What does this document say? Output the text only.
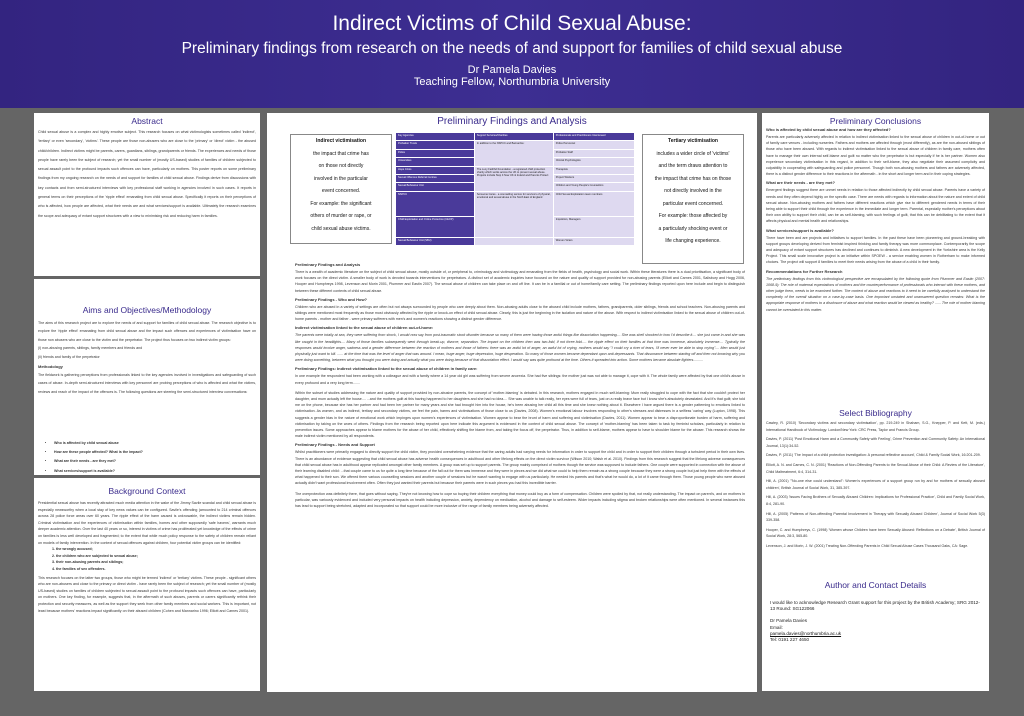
Indirect Victims of Child Sexual Abuse:
Preliminary findings from research on the needs of and support for families of child sexual abuse
Dr Pamela Davies
Teaching Fellow, Northumbria University
Abstract
Child sexual abuse is a complex and highly emotive subject. This research focuses on what victimologists sometimes called 'indirect', 'tertiary' or even 'secondary', 'victims'. These people are those non-abusers who are close to the 'primary' or 'direct' victim - the abused child/children. Indirect victims might be parents, carers, guardians, siblings, grandparents or friends. The experiences and needs of those people have rarely been the subject of research; yet the small number of (mostly US-based) studies of families of children subjected to sexual assault point to the profound impacts such offences can have, particularly on mothers. This poster reports on some preliminary findings from my ongoing research on the needs of and support for families of child sexual abuse. Findings derive from discussions with key contacts and from semi-structured interviews with key professional staff working in agencies involved in such cases. It reports in general terms on their perceptions of the 'ripple effect' emanating from child sexual abuse. Specifically it reports on their perceptions of who is affected, how people are affected, what their needs are and what services/support is available. Ultimately the research examines the scope and adequacy of extant support structures with a view to minimising risk and reducing harm in families.
Aims and Objectives/Methodology
The aims of this research project are to explore the needs of and support for families of child sexual abuse. The research objective is to explore the 'ripple effect' emanating from child sexual abuse and the impact such offences and experiences of victimisation have on those non abusers who are close to the victim and the perpetrator. The project thus focuses on two indirect victim groups:
(i) non-abusing parents, siblings, family members and friends and
(ii) friends and family of the perpetrator
Methodology
The fieldwork is gathering perceptions from professionals linked to the key agencies involved in investigations and safeguarding of such cases of abuse. In-depth semi-structured interviews with key personnel are probing perceptions of who is affected and what the victims, reviews and reach of the impact of the offences is. The following questions are steering the semi-structured interview conversations:
• Who is affected by child sexual abuse
• How are these people affected? What is the impact?
• What are their needs - are they met?
• What services/support is available?
Background Context
Presidential sexual abuse has recently attracted much media attention in the wake of the Jimmy Savile scandal and child sexual abuse is especially newsworthy when a local stay of key news values can be configured. Savile's offending (amounted to 214 criminal offences across 28 police force areas over 60 years. The ripple effect of the harm caused is unknowable, the indirect victims remain hidden. Criminal victimisation and the experiences of victimisation within families, homes and other supposedly 'safe havens', warrants much deeper academic attention. Over the last 40 years or so, interest in victims of crime has proliferated yet knowledge of the effects of crime on families is less well developed and fragmented; to the extent that while much policy response to the safety of children remain reliant on models of family intervention. In the context of sexual offences against children, four potential victim groups can be identified:
1. the wrongly accused;
2. the children who are subjected to sexual abuse;
3. their non-abusing parents and siblings;
4. the families of sex offenders.
This research focuses on the latter two groups, those who might be termed 'indirect' or 'tertiary' victims. These people - significant others who are non-abusers and close to the primary or direct victim - have rarely been the subject of research; yet the small number of (mostly US-based) studies on families of children subjected to sexual assault point to the profound impacts such offences can have, particularly on mothers. One key finding, for example, suggests that, in the aftermath of such abuses, parents or carers significantly rethink their protection and security measures, as well as the support they seek from other family members and social workers. This is important, not least because mothers' reactions impact significantly on their abused children (Cohen and Mannarino 1996; Elliott and Carnes 2001).
Preliminary Findings and Analysis
Indirect victimisation
the impact that crime has
on those not directly
involved in the particular
event concerned.
For example: the significant
others of murder or rape, or
child sexual abuse victims.
Key Agencies	Support Services/Charities	Professionals and Practitioners Interviewed
Probation Trusts	In addition to the NSPCC and Barnardos:	Police Personnel
Police		Probation Staff
Universities		Clinical Psychologists
Hope Crisis	The Lucy Faithfull Foundation - a registered child protection charity which works across the UK to prevent sexual abuse. Projects include Stop It Now UK & Ireland and Parents Protect	Therapists
Sexual Offences Referral Centres		Project Workers
Sexual Behaviour Unit		Children and Young People's Counsellors
NSPCC	Someone Cares - a counselling service for survivors of physical, emotional and sexual abuse in the North East of England	Child Sexual Exploitation team members
Child Exploitation and Online Protection (CEOP)		Inquisitors, Managers
Sexual Behaviour Unit (SBU)		Women Vicars
Tertiary victimisation
includes a wider circle of 'victims'
and the term draws attention to
the impact that crime has on those
not directly involved in the
particular event concerned.
For example: those affected by
a particularly shocking event or
life changing experience.
Preliminary Findings and Analysis
There is a wealth of academic literature on the subject of child sexual abuse, mostly outside of, or peripheral to, criminology and victimology and emanating from the fields of health, psychology and social work. Within these literatures there is a dual prioritisation, a significant body of work focuses on the direct victim. A smaller body of work is devoted towards interventions for perpetrators. A distinct set of academic inquiries have focused on the nature and quality of support provided for non-abusing parents (Elliott and Carnes 2001, Salisbury and Hogg 2006, Hooper and Humphreys 1998, Levenson and Morin 2001, Plummer and Eastin 2007). The sexual abuse of children can take place on and off line. It can be in a familial or out of home/family care setting. The preliminary findings reported upon here include and begin to distinguish between these different contexts of child sexual abuse.
Preliminary Findings - Who and How?
Children who are abused in a variety of settings are often but not always surrounded by people who care deeply about them. Non-abusing adults close to the abused child include mothers, fathers, grandparents, older siblings, friends and school teachers. Non-abusing parents and siblings were mentioned most frequently as those most obviously affected by the ripple or knock-on effect of child sexual abuse. Clearly, this is just the beginning in the isolation and nature of the abuse. With respect to indirect victimisation linked to the sexual abuse of children out-of-home parents - mother and father - were primary sufferers with men's and women's reactions showing a distinct gender difference.
Indirect victimisation linked to the sexual abuse of children out-of-home:
The parents were totally at sea, they were suffering from shock, I would now say from post-traumatic stock disorder because so many of them were having those awful things like dissociation happening.... She was shell shocked in how I'd describe it.... she just came in and she was like caught in the headlights.... Many of those families subsequently went through break-up, divorce, separation. The impact on the children then was two-fold, if not three-fold..... the ripple effect on their families at that time was immense, absolutely immense.... Typically the responses would involve anger, sadness and a gender difference between the reaction of mothers and those of fathers: there was an awful lot of anger, an awful lot of crying, mothers would say "I could cry a river of tears, I'll never ever be able to stop crying".... Men would just physically just want to kill. ...... at the time that was the level of anger that was around. I mean, huge anger, huge depression, huge desperation. So many of those women became dependant upon anti-depressants. That dissonance between starting off and then not knowing why you were doing something, between what you thought you were doing and actually what you were doing because of that dissociation effect. I would say was quite profound at the time. Others it spreaded into action. Some mothers became absolute fighters..........
Preliminary Findings: Indirect victimisation linked to the sexual abuse of children in family care:
In one example the respondent had been working with a colleague and with a family where a 14 year old girl was suffering from severe anorexia. She had five siblings: the mother just was not able to manage it, cope with it. The whole family were affected by that one child's abuse in every profound and a very long term.......
Within the subset of studies addressing the nature and quality of support provided by non-abusive parents, the concept of 'mother-blaming' is debated. In this research, mothers engaged in much self-blaming: Mum really struggled to cope with the fact that she couldn't protect her daughter, and mum actually left the house.... ...and the mothers guilt at this having happened to her daughters and she had no idea.... She was unable to talk really, her eyes were full of tears, just on a really brave face but I know she's absolutely devastated. And it's that guilt; she told me on the phone, because she has her partner and had been her partner for many years and she had brought him into the house, he's been abusing her child all this time and she knew nothing about it. Elsewhere I have argued there is a gender patterning to emotions linked to victimisation. As women, and as indirect, tertiary and secondary victims, we feel the pain, harms and victimisations of those close to us (Davies, 2008). Women's emotional labour involves responding to other's stresses and distresses in a selfless 'caring' way (Lupton, 1998). This suggests a gender bias in the nature of emotional work which impinges upon women's experiences of victimisation. Women appear to bear the brunt of harm and suffering and victimisation (Davies, 2011). Women appear to bear a disproportionate burden of harm, suffering and victimisation by taking on the woes of others. Findings from the research being reported upon here indicate this argument is evidenced in the context of child sexual abuse. The concept of 'mother-blaming' has been taken to task by feminist scholars, particularly in relation to prevention issues. Some approaches appear to blame mothers for the abuse of her child, effectively shifting the blame from, and taking the focus off, the perpetrator. Thus, in addition to self-blame, mothers appear to have to shoulder blame for the abuser. This research shows the male indirect victim mentioned by all respondents.
Preliminary Findings - Needs and Support
Whilst practitioners were primarily engaged to directly support the child victim, they provided overwhelming evidence that the caring adults had varying needs for information in order to support the child and in order to support their children through a turbulent period in their own lives. There is an abundance of evidence suggesting that child sexual abuse has adverse health consequences in adulthood and other lifelong effects on the direct victim survivor (Wilson 2010; Walsh et al. 2010). Findings from this research suggest that the lifelong adverse consequences that child sexual abuse has in adulthood appear replicated amongst other family members. A group was set up to support parents. The group mainly comprised of mothers though the service was supposed to include fathers. One couple were supported in connection with the abuse of their learning disabled child: ...that couple came to us for quite a long time because of the fall out for them was immense and they were in pieces and we did what we could to help them remain as a strong couple because they were a strong couple but just help them with the effects of what happened to their son. We offered them various counselling sessions and another couple of sessions but he wasn't wanting to engage with us particularly. He needed his parents and that's what he would do, a lot of it came through them. Those young people who were abused actually didn't want professional involvement often. Often they just wanted their parents but because their parents were in such pieces you had this incredible barrier.
The overprotection was definitely there, that goes without saying. They're not knowing how to cope so buying their children everything that money could buy as a form of compensation. Children were spoiled by that, not really understanding. The impact on parent's, and on mothers in particular, was variously evidenced and included very personal impacts on health including depression, anxiety, dependency on medication, alcohol and damage to self-esteem. Wider impacts including stigma and broken relationships were often mentioned. In several instances this has lead to support being stretched, adapted and incorporated so that support could be more inclusive of the range of family members being adversely affected.
Preliminary Conclusions
Who is affected by child sexual abuse and how are they affected?
Parents are particularly adversely affected in relation to indirect victimisation linked to the sexual abuse of children in out-of-home or out of family care venues - including nurseries. Fathers and mothers are affected through (most differently), as are the non-abused siblings of those who have been abused. With regards to indirect victimisation linked to the sexual abuse of children in family care, mothers often have to manage their own internal self-blame and guilt no matter who the perpetrator is but especially if he is her partner. Women also experience secondary victimisation in this regard, in addition to their self-blame, they also negotiate their assumed complicity and culpability in cooperating with safeguarding and police personnel. Though both non-abusing mothers and fathers are adversely affected, there is a distinct gender difference to their reactions in the aftermath - in the short and longer term and in their coping strategies.
What are their needs - are they met?
Emergent findings suggest there are unmet needs in relation to those affected indirectly by child sexual abuse. Parents have a variety of needs and they often depend highly on the specific case. There are needs with regards to information about the nature and extent of child sexual abuse. Non-abusing mothers and fathers have different reactions which give rise to different gendered needs in terms of their being able to support their child through the experience in the immediate and longer term. Parental, especially mother's perceptions about their own ability to support their child, can be as self-blaming, with such feelings of guilt, that this can be debilitating to the extent that it affects physical and mental health and relationships.
What services/support is available?
There have been and are projects and initiatives to support families. In the past these have been pioneering and ground-breaking with support groups developing derived from feminist inspired thinking and family therapy was more commonplace. Contemporarily the scope and adequacy of extant support structures has declined and continues to diminish. A new development in the Yorkshire area is the Kelly Project. This small scale innovative project is an initiative within SPOEW - a service enabling women in Rotherham to make informed choices. The project will support 8 families to meet their needs arising from the abuse of a child in their family.
Recommendations for Further Research
The preliminary findings from this victimological perspective are encapsulated by the following quote from Plummer and Eastin (2007: 1068-9): The role of maternal expectations of mothers and the counterperformance of professionals who interact with these mothers, and other judge them, needs to be examined further. The context of abuse and reactions to it need to be carefully analysed to understand the complexity of the overall situation on a case-by-case basis. One important unstated and unanswered question remains: What is the appropriate response of mothers to a disclosure of abuse and what reaction would be viewed as healthy? ...... The role of mother blaming cannot be overstated in this matter.
Select Bibliography

Cawley, R. (2010) 'Secondary victims and secondary victimisation', pp. 219-249 in Shaham, S.G., Knepper, P. and Kett, M. (eds.) International Handbook of Victimology. London/New York: CRC Press, Taylor and Francis Group.

Davies, P. (2011) 'Post Emotional Harm and a Community Safety with Feeling', Crime Prevention and Community Safety: An International Journal, 13(1):34-52.

Davies, P. (2011) 'The Impact of a child protection investigation: A personal reflective account', Child & Family Social Work, 16:201-209.

Elliott, A. N. and Carnes, C. N. (2001) 'Reactions of Non-Offending Parents to the Sexual Abuse of their Child: A Review of the Literature', Child Maltreatment, 6:4, 314-31.

Hill, A. (2001) '"No-one else could understand": Women's experiences of a support group run by and for mothers of sexually abused children', British Journal of Social Work, 31, 385-397.

Hill, A. (2003) 'Issues Facing Brothers of Sexually Abused Children: Implications for Professional Practice', Child and Family Social Work, 8:4, 281-90.

Hill, A. (2005) 'Patterns of Non-offending Parental Involvement in Therapy with Sexually Abused Children', Journal of Social Work 5(3) 339-358.

Hooper, C. and Humphreys, C. (1998) 'Women whose Children have been Sexually Abused: Reflections on a Debate', British Journal of Social Work, 28:3, 565-80.

Levenson, J. and Morin, J. W. (2001) Treating Non-Offending Parents in Child Sexual Abuse Cases Thousand Oaks, CA: Sage.

Author and Contact Details
I would like to acknowledge Research Grant support for this project by the British Academy; SRG 2012-13 Round: SG122066
Dr Pamela Davies
Email:
pamela.davies@northumbria.ac.uk
Tel: 0191 227 4650
